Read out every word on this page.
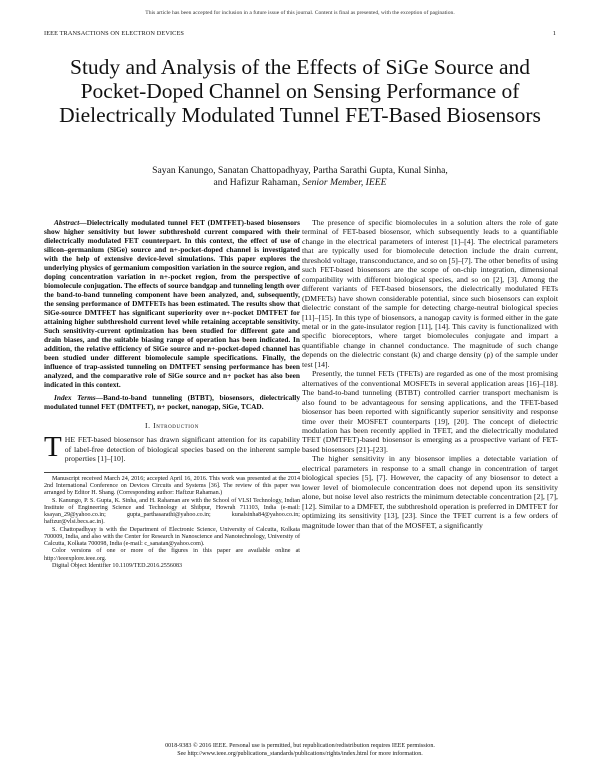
This article has been accepted for inclusion in a future issue of this journal. Content is final as presented, with the exception of pagination.
IEEE TRANSACTIONS ON ELECTRON DEVICES	1
Study and Analysis of the Effects of SiGe Source and Pocket-Doped Channel on Sensing Performance of Dielectrically Modulated Tunnel FET-Based Biosensors
Sayan Kanungo, Sanatan Chattopadhyay, Partha Sarathi Gupta, Kunal Sinha,
and Hafizur Rahaman, Senior Member, IEEE

Abstract—Dielectrically modulated tunnel FET (DMTFET)-based biosensors show higher sensitivity but lower subthreshold current compared with their dielectrically modulated FET counterpart. In this context, the effect of use of silicon–germanium (SiGe) source and n+-pocket-doped channel is investigated with the help of extensive device-level simulations. This paper explores the underlying physics of germanium composition variation in the source region, and doping concentration variation in n+-pocket region, from the perspective of biomolecule conjugation. The effects of source bandgap and tunneling length over the band-to-band tunneling component have been analyzed, and, subsequently, the sensing performance of DMTFETs has been estimated. The results show that SiGe-source DMTFET has significant superiority over n+-pocket DMTFET for attaining higher subthreshold current level while retaining acceptable sensitivity. Such sensitivity-current optimization has been studied for different gate and drain biases, and the suitable biasing range of operation has been indicated. In addition, the relative efficiency of SiGe source and n+-pocket-doped channel has been studied under different biomolecule sample specifications. Finally, the influence of trap-assisted tunneling on DMTFET sensing performance has been analyzed, and the comparative role of SiGe source and n+ pocket has also been indicated in this context.

Index Terms—Band-to-band tunneling (BTBT), biosensors, dielectrically modulated tunnel FET (DMTFET), n+ pocket, nanogap, SiGe, TCAD.

I. Introduction

THE FET-based biosensor has drawn significant attention for its capability of label-free detection of biological species based on the inherent sample properties [1]–[10].

Manuscript received March 24, 2016; accepted April 16, 2016. This work was presented at the 2014 2nd International Conference on Devices Circuits and Systems [36]. The review of this paper was arranged by Editor H. Shang. (Corresponding author: Hafizur Rahaman.)

S. Kanungo, P. S. Gupta, K. Sinha, and H. Rahaman are with the School of VLSI Technology, Indian Institute of Engineering Science and Technology at Shibpur, Howrah 711103, India (e-mail: ksayan_29@yahoo.co.in; gupta_parthasarathi@yahoo.co.in; kunalsinha84@yahoo.co.in; hafizur@vlsi.becs.ac.in).

S. Chattopadhyay is with the Department of Electronic Science, University of Calcutta, Kolkata 700009, India, and also with the Center for Research in Nanoscience and Nanotechnology, University of Calcutta, Kolkata 700098, India (e-mail: c_sanatan@yahoo.com).

Color versions of one or more of the figures in this paper are available online at http://ieeexplore.ieee.org.

Digital Object Identifier 10.1109/TED.2016.2556083

The presence of specific biomolecules in a solution alters the role of gate terminal of FET-based biosensor, which subsequently leads to a quantifiable change in the electrical parameters of interest [1]–[4]. The electrical parameters that are typically used for biomolecule detection include the drain current, threshold voltage, transconductance, and so on [5]–[7]. The other benefits of using such FET-based biosensors are the scope of on-chip integration, dimensional compatibility with different biological species, and so on [2], [3]. Among the different variants of FET-based biosensors, the dielectrically modulated FETs (DMFETs) have shown considerable potential, since such biosensors can exploit dielectric constant of the sample for detecting charge-neutral biological species [11]–[15]. In this type of biosensors, a nanogap cavity is formed either in the gate metal or in the gate-insulator region [11], [14]. This cavity is functionalized with specific bioreceptors, where target biomolecules conjugate and impart a quantifiable change in channel conductance. The magnitude of such change depends on the dielectric constant (k) and charge density (ρ) of the sample under test [14].

Presently, the tunnel FETs (TFETs) are regarded as one of the most promising alternatives of the conventional MOSFETs in several application areas [16]–[18]. The band-to-band tunneling (BTBT) controlled carrier transport mechanism is also found to be advantageous for sensing applications, and the TFET-based biosensor has been reported with significantly superior sensitivity and response time over their MOSFET counterparts [19], [20]. The concept of dielectric modulation has been recently applied in TFET, and the dielectrically modulated TFET (DMTFET)-based biosensor is emerging as a prospective variant of FET-based biosensors [21]–[23].

The higher sensitivity in any biosensor implies a detectable variation of electrical parameters in response to a small change in concentration of target biological species [5], [7]. However, the capacity of any biosensor to detect a lower level of biomolecule concentration does not depend upon its sensitivity alone, but noise level also restricts the minimum detectable concentration [2], [7], [12]. Similar to a DMFET, the subthreshold operation is preferred in DMTFET for optimizing its sensitivity [13], [23]. Since the TFET current is a few orders of magnitude lower than that of the MOSFET, a significantly

0018-9383 © 2016 IEEE. Personal use is permitted, but republication/redistribution requires IEEE permission.
See http://www.ieee.org/publications_standards/publications/rights/index.html for more information.
